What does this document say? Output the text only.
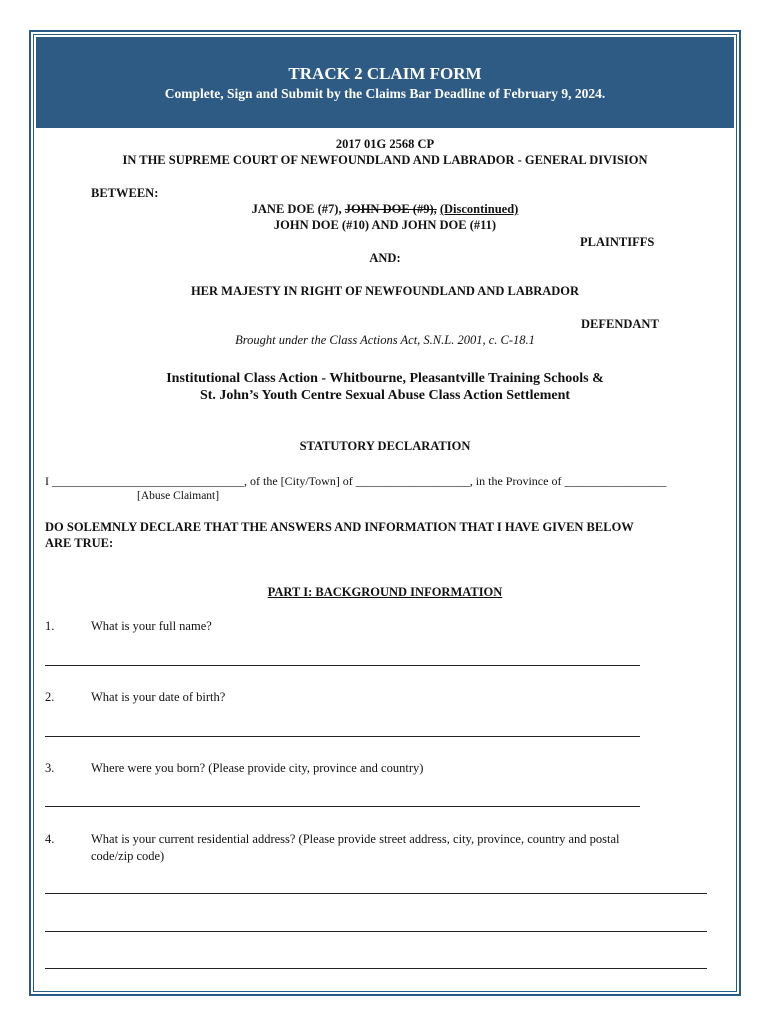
TRACK 2 CLAIM FORM
Complete, Sign and Submit by the Claims Bar Deadline of February 9, 2024.
2017 01G 2568 CP
IN THE SUPREME COURT OF NEWFOUNDLAND AND LABRADOR - GENERAL DIVISION
BETWEEN:
JANE DOE (#7), JOHN DOE (#9), (Discontinued)
JOHN DOE (#10) AND JOHN DOE (#11)
PLAINTIFFS
AND:
HER MAJESTY IN RIGHT OF NEWFOUNDLAND AND LABRADOR
DEFENDANT
Brought under the Class Actions Act, S.N.L. 2001, c. C-18.1
Institutional Class Action - Whitbourne, Pleasantville Training Schools &
St. John’s Youth Centre Sexual Abuse Class Action Settlement
STATUTORY DECLARATION
I ________________________________, of the [City/Town] of ___________________, in the Province of _________________
[Abuse Claimant]
DO SOLEMNLY DECLARE THAT THE ANSWERS AND INFORMATION THAT I HAVE GIVEN BELOW
ARE TRUE:
PART I: BACKGROUND INFORMATION
1.	What is your full name?
2.	What is your date of birth?
3.	Where were you born? (Please provide city, province and country)
4.	What is your current residential address? (Please provide street address, city, province, country and postal
code/zip code)
